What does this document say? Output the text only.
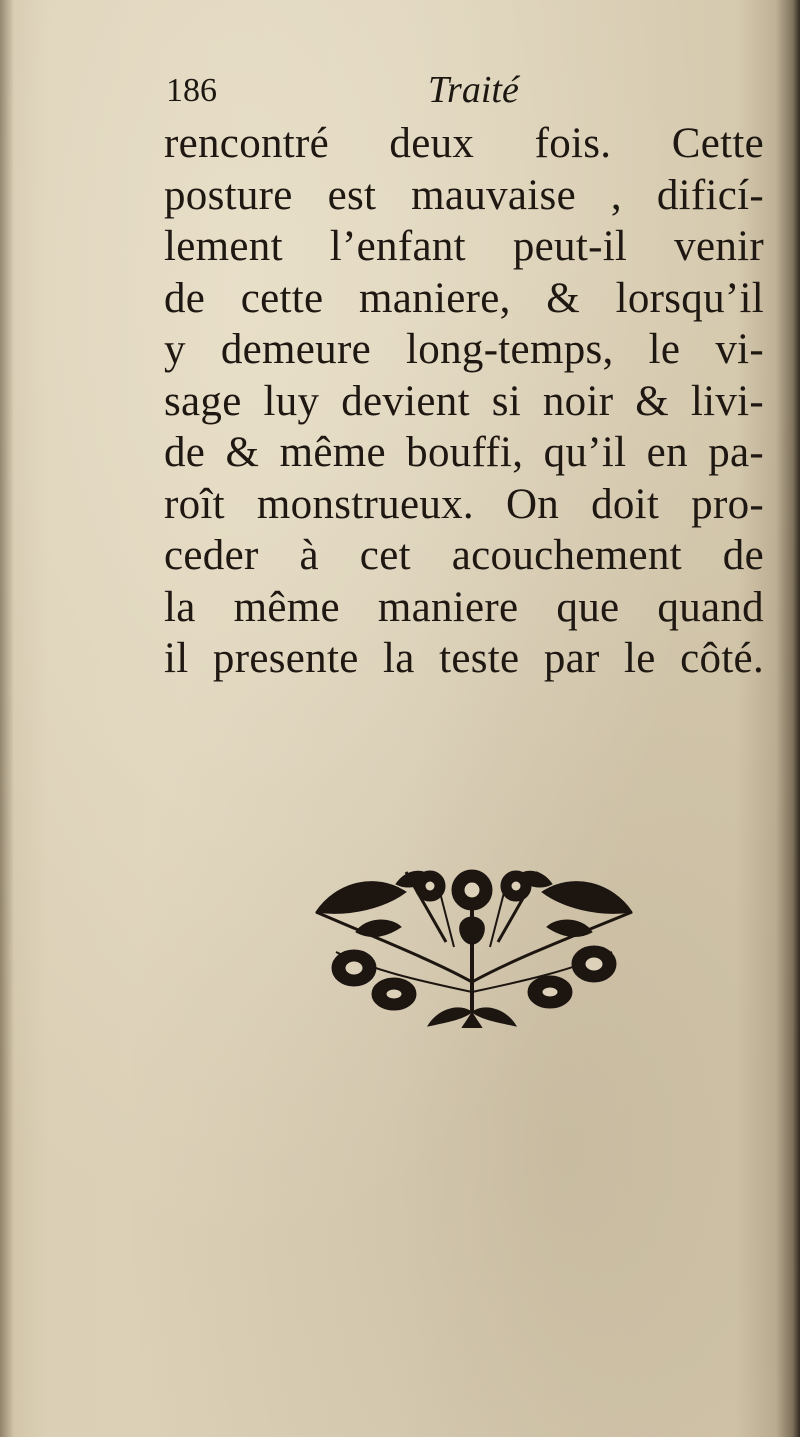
186	Traité
rencontré deux fois. Cette
posture est mauvaise , dificí-
lement l’enfant peut-il venir
de cette maniere, & lorsqu’il
y demeure long-temps, le vi-
sage luy devient si noir & livi-
de & même bouffi, qu’il en pa-
roît monstrueux. On doit pro-
ceder à cet acouchement de
la même maniere que quand
il presente la teste par le côté.
